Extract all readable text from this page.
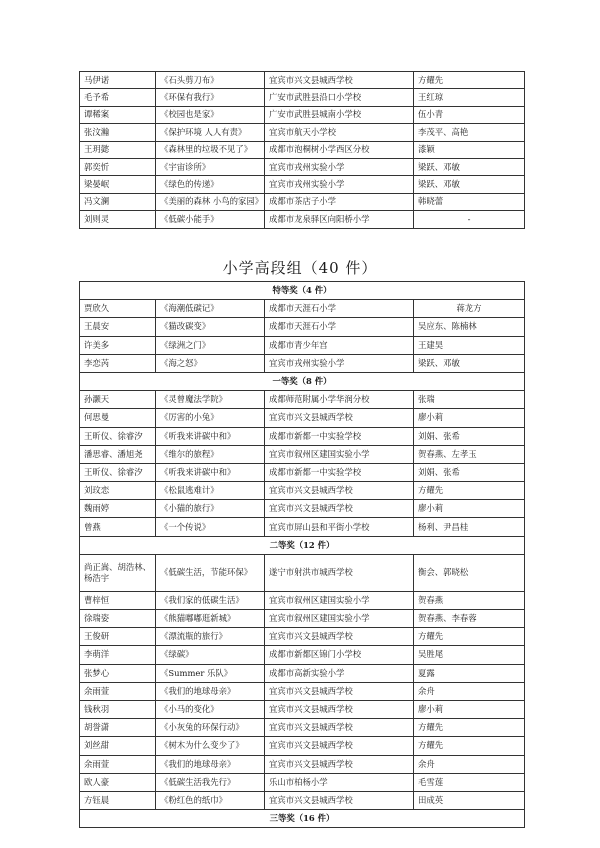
马伊诺	《石头剪刀布》	宜宾市兴文县城西学校	方耀先
毛予希	《环保有我行》	广安市武胜县沿口小学校	王红琼
谭稀案	《校园也是家》	广安市武胜县城南小学校	伍小青
张汶瀚	《保护环境 人人有责》	宜宾市航天小学校	李茂平、高艳
王玥懿	《森林里的垃圾不见了》	成都市泡桐树小学西区分校	漆颖
郭奕忻	《宇宙诊所》	宜宾市戎州实验小学	梁跃、邓敏
梁晏岷	《绿色的传递》	宜宾市戎州实验小学	梁跃、邓敏
冯文澜	《美丽的森林 小鸟的家园》	成都市茶店子小学	韩晓蕾
刘则灵	《低碳小能手》	成都市龙泉驿区向阳桥小学	-
小学高段组（40 件）
特等奖（4 件）			
贾欣久	《海潮低碳记》	成都市天涯石小学	蒋龙方
王晨安	《猫改碳变》	成都市天涯石小学	吴应东、陈楠林
许美多	《绿洲之门》	成都市青少年宫	王建昊
李恋芮	《海之怒》	宜宾市戎州实验小学	梁跃、邓敏
一等奖（8 件）			
孙灏天	《灵曾魔法学院》	成都师范附属小学华润分校	张瑞
何思曼	《厉害的小兔》	宜宾市兴文县城西学校	廖小莉
王昕仪、徐睿汐	《听我来讲碳中和》	成都市新都一中实验学校	刘娟、张希
潘思睿、潘旭尧	《维尔的旅程》	宜宾市叙州区建国实验小学	贺春燕、左孝玉
王昕仪、徐睿汐	《听我来讲碳中和》	成都市新都一中实验学校	刘娟、张希
刘玟恋	《松鼠逃难计》	宜宾市兴文县城西学校	方耀先
魏雨婷	《小猫的旅行》	宜宾市兴文县城西学校	廖小莉
曾燕	《一个传说》	宜宾市屏山县和平街小学校	杨利、尹昌桂
二等奖（12 件）			
尚正嵩、胡浩林、杨浩宇	《低碳生活，节能环保》	遂宁市射洪市城西学校	衡会、郭晓松
曹梓恒	《我们家的低碳生活》	宜宾市叙州区建国实验小学	贺春燕
徐瑞姿	《熊猫嘟嘟逛新城》	宜宾市叙州区建国实验小学	贺春燕、李春蓉
王俊研	《漂流瓶的旅行》	宜宾市兴文县城西学校	方耀先
李萌洋	《绿碳》	成都市新都区锦门小学校	吴胜尾
张梦心	《Summer 乐队》	成都市高新实验小学	夏露
余雨萱	《我们的地球母亲》	宜宾市兴文县城西学校	余舟
钱秋羽	《小马的变化》	宜宾市兴文县城西学校	廖小莉
胡誉潇	《小灰兔的环保行动》	宜宾市兴文县城西学校	方耀先
刘丝甜	《树木为什么变少了》	宜宾市兴文县城西学校	方耀先
余雨萱	《我们的地球母亲》	宜宾市兴文县城西学校	余舟
欧人豪	《低碳生活我先行》	乐山市柏杨小学	毛雪莲
方钰晨	《粉红色的纸巾》	宜宾市兴文县城西学校	田成英
三等奖（16 件）			
